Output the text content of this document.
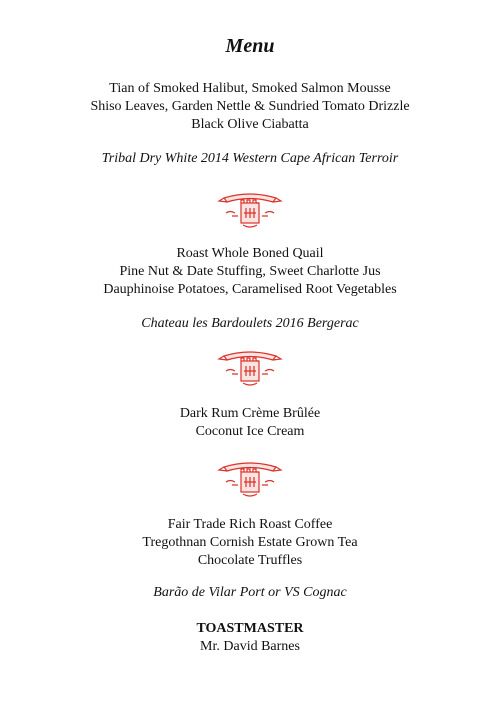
Menu
Tian of Smoked Halibut, Smoked Salmon Mousse
Shiso Leaves, Garden Nettle & Sundried Tomato Drizzle
Black Olive Ciabatta
Tribal Dry White 2014 Western Cape African Terroir
Roast Whole Boned Quail
Pine Nut & Date Stuffing, Sweet Charlotte Jus
Dauphinoise Potatoes, Caramelised Root Vegetables
Chateau les Bardoulets 2016 Bergerac
Dark Rum Crème Brûlée
Coconut Ice Cream
Fair Trade Rich Roast Coffee
Tregothnan Cornish Estate Grown Tea
Chocolate Truffles
Barão de Vilar Port or VS Cognac
TOASTMASTER
Mr. David Barnes
